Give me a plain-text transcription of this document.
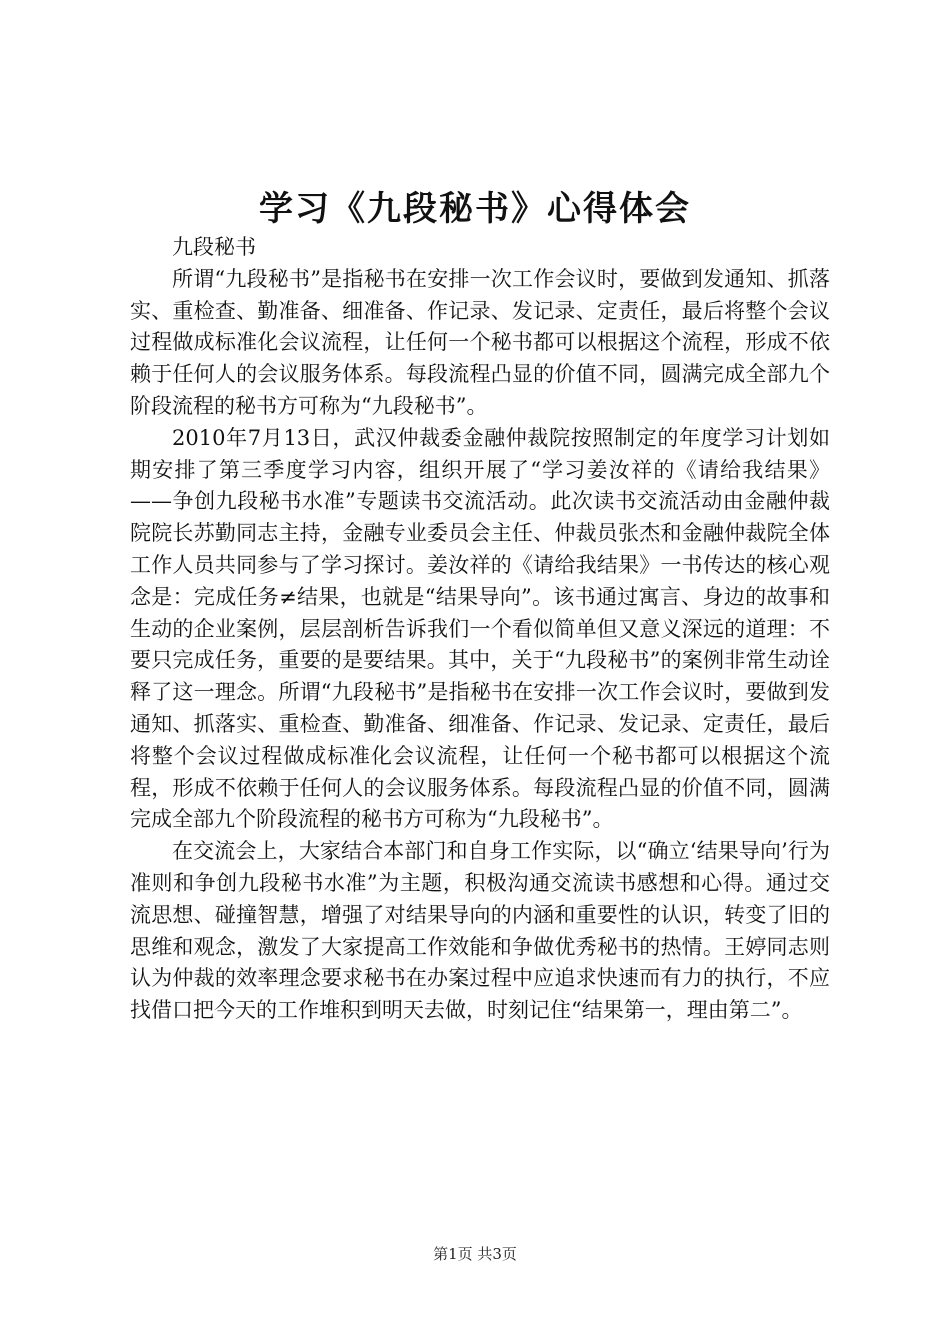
学习《九段秘书》心得体会

九段秘书

所谓“九段秘书”是指秘书在安排一次工作会议时，要做到发通知、抓落实、重检查、勤准备、细准备、作记录、发记录、定责任，最后将整个会议过程做成标准化会议流程，让任何一个秘书都可以根据这个流程，形成不依赖于任何人的会议服务体系。每段流程凸显的价值不同，圆满完成全部九个阶段流程的秘书方可称为“九段秘书”。

2010年7月13日，武汉仲裁委金融仲裁院按照制定的年度学习计划如期安排了第三季度学习内容，组织开展了“学习姜汝祥的《请给我结果》——争创九段秘书水准”专题读书交流活动。此次读书交流活动由金融仲裁院院长苏勤同志主持，金融专业委员会主任、仲裁员张杰和金融仲裁院全体工作人员共同参与了学习探讨。姜汝祥的《请给我结果》一书传达的核心观念是：完成任务≠结果，也就是“结果导向”。该书通过寓言、身边的故事和生动的企业案例，层层剖析告诉我们一个看似简单但又意义深远的道理：不要只完成任务，重要的是要结果。其中，关于“九段秘书”的案例非常生动诠释了这一理念。所谓“九段秘书”是指秘书在安排一次工作会议时，要做到发通知、抓落实、重检查、勤准备、细准备、作记录、发记录、定责任，最后将整个会议过程做成标准化会议流程，让任何一个秘书都可以根据这个流程，形成不依赖于任何人的会议服务体系。每段流程凸显的价值不同，圆满完成全部九个阶段流程的秘书方可称为“九段秘书”。

在交流会上，大家结合本部门和自身工作实际，以“确立‘结果导向’行为准则和争创九段秘书水准”为主题，积极沟通交流读书感想和心得。通过交流思想、碰撞智慧，增强了对结果导向的内涵和重要性的认识，转变了旧的思维和观念，激发了大家提高工作效能和争做优秀秘书的热情。王婷同志则认为仲裁的效率理念要求秘书在办案过程中应追求快速而有力的执行，不应找借口把今天的工作堆积到明天去做，时刻记住“结果第一，理由第二”。

第1页 共3页
